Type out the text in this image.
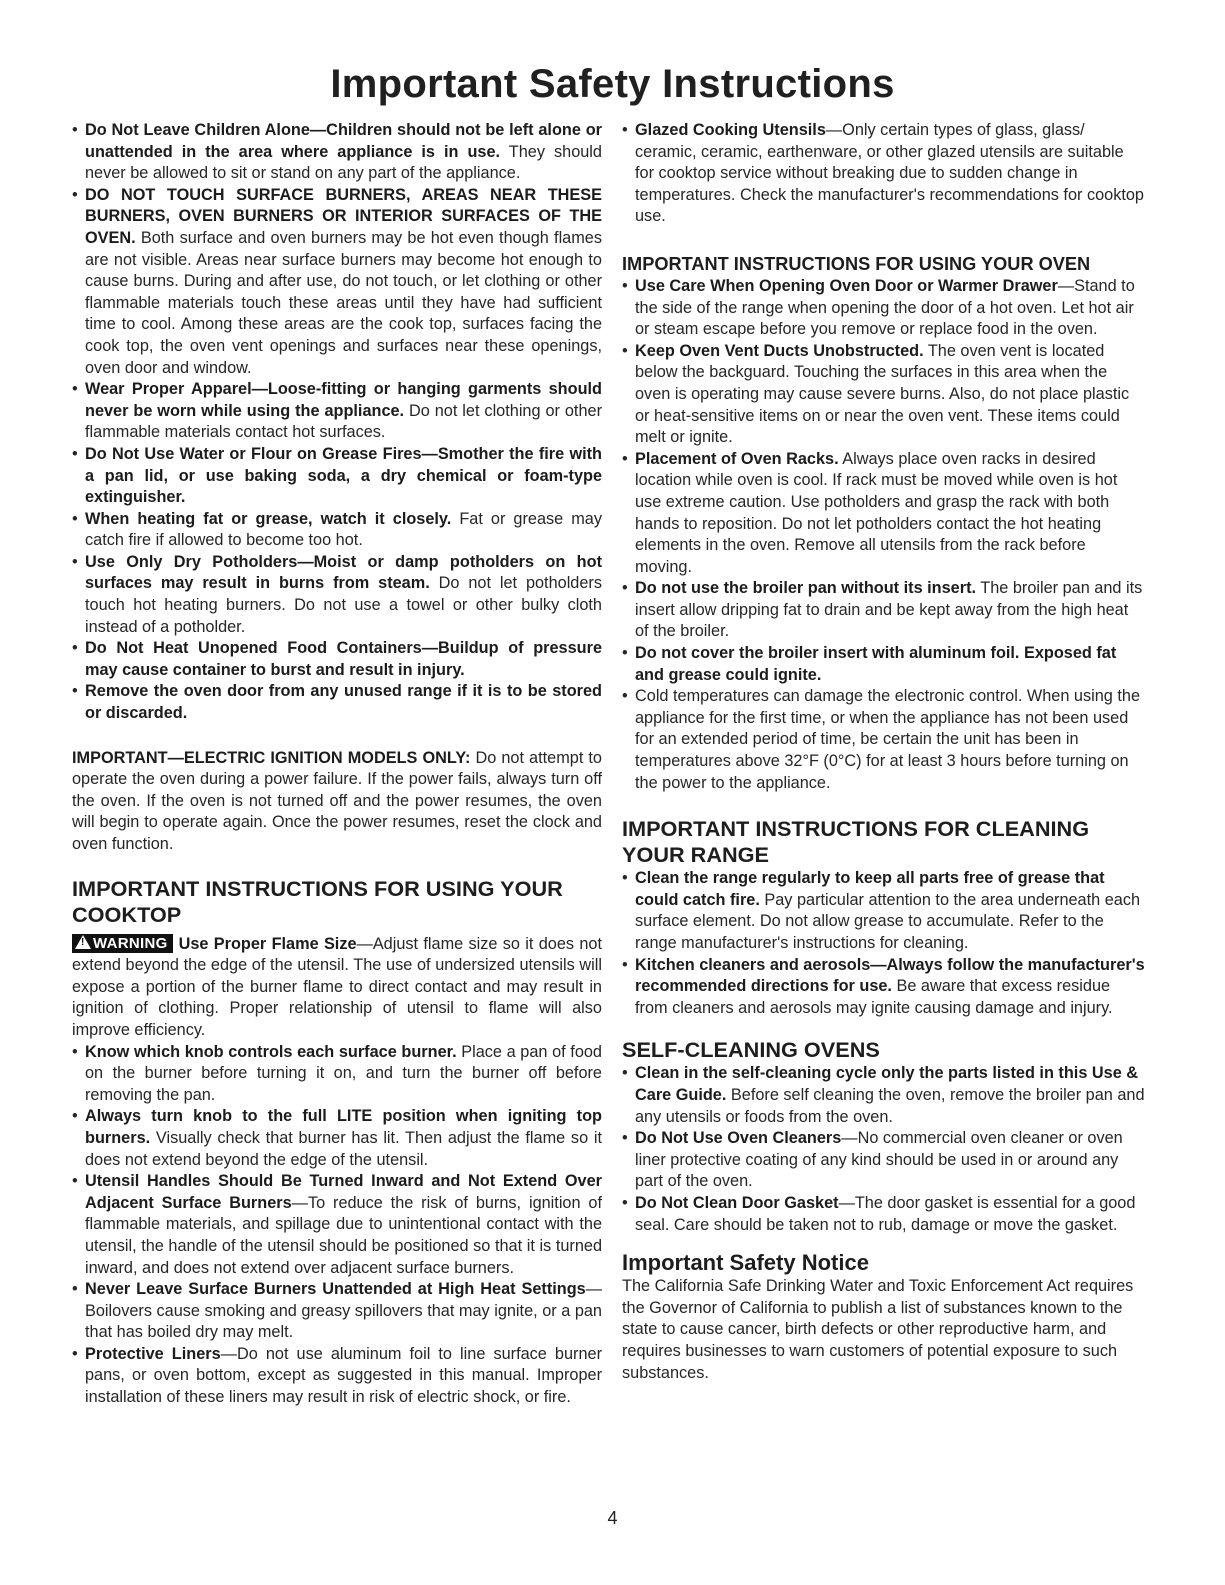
Important Safety Instructions
• Do Not Leave Children Alone—Children should not be left alone or unattended in the area where appliance is in use. They should never be allowed to sit or stand on any part of the appliance.
• DO NOT TOUCH SURFACE BURNERS, AREAS NEAR THESE BURNERS, OVEN BURNERS OR INTERIOR SURFACES OF THE OVEN. Both surface and oven burners may be hot even though flames are not visible. Areas near surface burners may become hot enough to cause burns. During and after use, do not touch, or let clothing or other flammable materials touch these areas until they have had sufficient time to cool. Among these areas are the cook top, surfaces facing the cook top, the oven vent openings and surfaces near these openings, oven door and window.
• Wear Proper Apparel—Loose-fitting or hanging garments should never be worn while using the appliance. Do not let clothing or other flammable materials contact hot surfaces.
• Do Not Use Water or Flour on Grease Fires—Smother the fire with a pan lid, or use baking soda, a dry chemical or foam-type extinguisher.
• When heating fat or grease, watch it closely. Fat or grease may catch fire if allowed to become too hot.
• Use Only Dry Potholders—Moist or damp potholders on hot surfaces may result in burns from steam. Do not let potholders touch hot heating burners. Do not use a towel or other bulky cloth instead of a potholder.
• Do Not Heat Unopened Food Containers—Buildup of pressure may cause container to burst and result in injury.
• Remove the oven door from any unused range if it is to be stored or discarded.

IMPORTANT—ELECTRIC IGNITION MODELS ONLY: Do not attempt to operate the oven during a power failure. If the power fails, always turn off the oven. If the oven is not turned off and the power resumes, the oven will begin to operate again. Once the power resumes, reset the clock and oven function.

IMPORTANT INSTRUCTIONS FOR USING YOUR COOKTOP

! WARNING Use Proper Flame Size—Adjust flame size so it does not extend beyond the edge of the utensil. The use of undersized utensils will expose a portion of the burner flame to direct contact and may result in ignition of clothing. Proper relationship of utensil to flame will also improve efficiency.

• Know which knob controls each surface burner. Place a pan of food on the burner before turning it on, and turn the burner off before removing the pan.
• Always turn knob to the full LITE position when igniting top burners. Visually check that burner has lit. Then adjust the flame so it does not extend beyond the edge of the utensil.
• Utensil Handles Should Be Turned Inward and Not Extend Over Adjacent Surface Burners—To reduce the risk of burns, ignition of flammable materials, and spillage due to unintentional contact with the utensil, the handle of the utensil should be positioned so that it is turned inward, and does not extend over adjacent surface burners.
• Never Leave Surface Burners Unattended at High Heat Settings—Boilovers cause smoking and greasy spillovers that may ignite, or a pan that has boiled dry may melt.
• Protective Liners—Do not use aluminum foil to line surface burner pans, or oven bottom, except as suggested in this manual. Improper installation of these liners may result in risk of electric shock, or fire.
• Glazed Cooking Utensils—Only certain types of glass, glass/ ceramic, ceramic, earthenware, or other glazed utensils are suitable for cooktop service without breaking due to sudden change in temperatures. Check the manufacturer's recommendations for cooktop use.
IMPORTANT INSTRUCTIONS FOR USING YOUR OVEN
• Use Care When Opening Oven Door or Warmer Drawer—Stand to the side of the range when opening the door of a hot oven. Let hot air or steam escape before you remove or replace food in the oven.
• Keep Oven Vent Ducts Unobstructed. The oven vent is located below the backguard. Touching the surfaces in this area when the oven is operating may cause severe burns. Also, do not place plastic or heat-sensitive items on or near the oven vent. These items could melt or ignite.
• Placement of Oven Racks. Always place oven racks in desired location while oven is cool. If rack must be moved while oven is hot use extreme caution. Use potholders and grasp the rack with both hands to reposition. Do not let potholders contact the hot heating elements in the oven. Remove all utensils from the rack before moving.
• Do not use the broiler pan without its insert. The broiler pan and its insert allow dripping fat to drain and be kept away from the high heat of the broiler.
• Do not cover the broiler insert with aluminum foil. Exposed fat and grease could ignite.
• Cold temperatures can damage the electronic control. When using the appliance for the first time, or when the appliance has not been used for an extended period of time, be certain the unit has been in temperatures above 32°F (0°C) for at least 3 hours before turning on the power to the appliance.
IMPORTANT INSTRUCTIONS FOR CLEANING YOUR RANGE
• Clean the range regularly to keep all parts free of grease that could catch fire. Pay particular attention to the area underneath each surface element. Do not allow grease to accumulate. Refer to the range manufacturer's instructions for cleaning.
• Kitchen cleaners and aerosols—Always follow the manufacturer's recommended directions for use. Be aware that excess residue from cleaners and aerosols may ignite causing damage and injury.
SELF-CLEANING OVENS
• Clean in the self-cleaning cycle only the parts listed in this Use & Care Guide. Before self cleaning the oven, remove the broiler pan and any utensils or foods from the oven.
• Do Not Use Oven Cleaners—No commercial oven cleaner or oven liner protective coating of any kind should be used in or around any part of the oven.
• Do Not Clean Door Gasket—The door gasket is essential for a good seal. Care should be taken not to rub, damage or move the gasket.
Important Safety Notice

The California Safe Drinking Water and Toxic Enforcement Act requires the Governor of California to publish a list of substances known to the state to cause cancer, birth defects or other reproductive harm, and requires businesses to warn customers of potential exposure to such substances.

4
